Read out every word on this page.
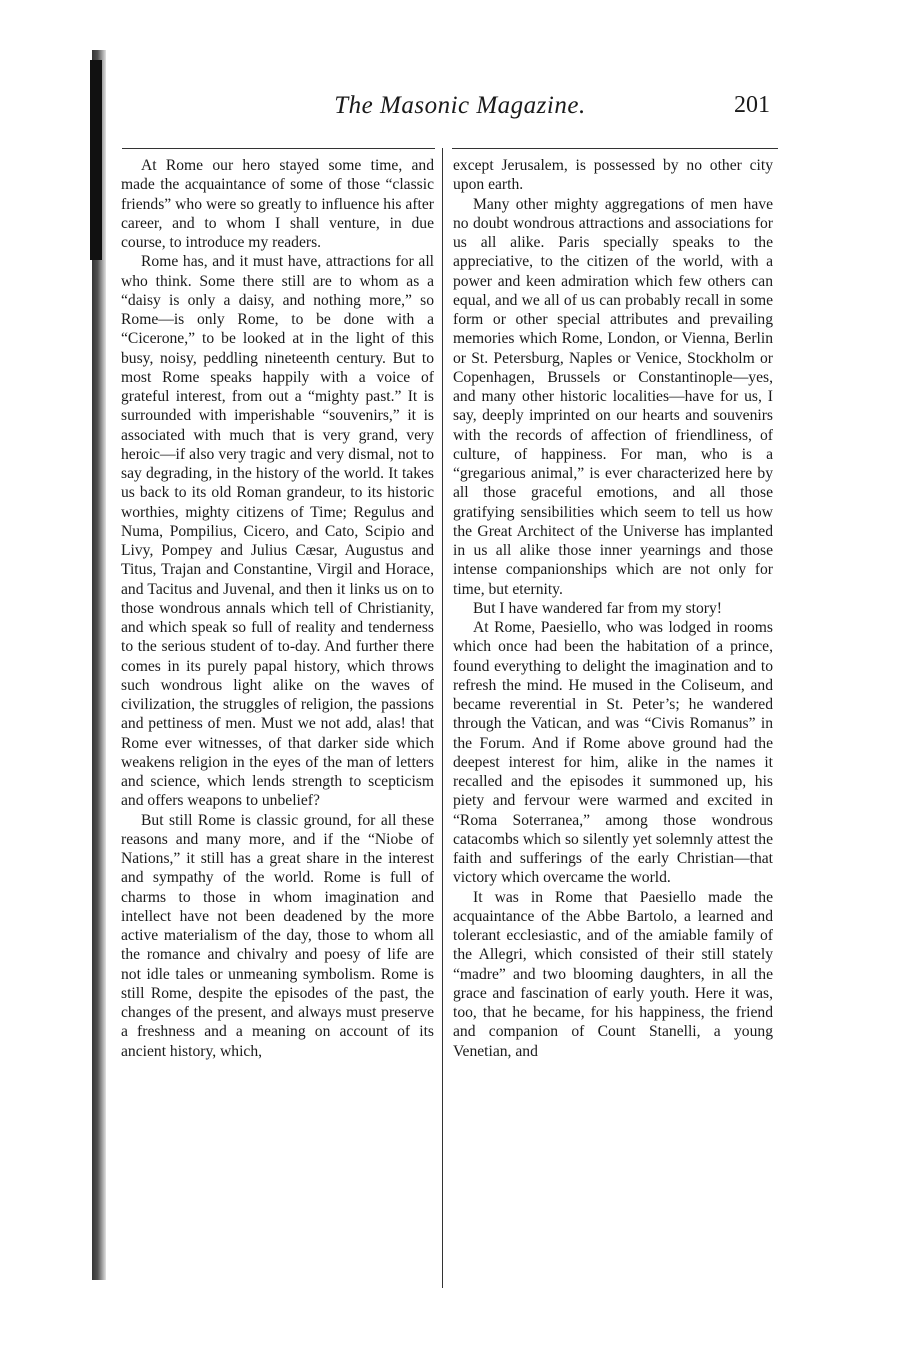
The Masonic Magazine.	201

At Rome our hero stayed some time, and made the acquaintance of some of those “classic friends” who were so greatly to influence his after career, and to whom I shall venture, in due course, to introduce my readers.

Rome has, and it must have, attractions for all who think. Some there still are to whom as a “daisy is only a daisy, and nothing more,” so Rome—is only Rome, to be done with a “Cicerone,” to be looked at in the light of this busy, noisy, peddling nineteenth century. But to most Rome speaks happily with a voice of grateful interest, from out a “mighty past.” It is surrounded with imperishable “souvenirs,” it is associated with much that is very grand, very heroic—if also very tragic and very dismal, not to say degrading, in the history of the world. It takes us back to its old Roman grandeur, to its historic worthies, mighty citizens of Time; Regulus and Numa, Pompilius, Cicero, and Cato, Scipio and Livy, Pompey and Julius Cæsar, Augustus and Titus, Trajan and Constantine, Virgil and Horace, and Tacitus and Juvenal, and then it links us on to those wondrous annals which tell of Christianity, and which speak so full of reality and tenderness to the serious student of to-day. And further there comes in its purely papal history, which throws such wondrous light alike on the waves of civilization, the struggles of religion, the passions and pettiness of men. Must we not add, alas! that Rome ever witnesses, of that darker side which weakens religion in the eyes of the man of letters and science, which lends strength to scepticism and offers weapons to unbelief?

But still Rome is classic ground, for all these reasons and many more, and if the “Niobe of Nations,” it still has a great share in the interest and sympathy of the world. Rome is full of charms to those in whom imagination and intellect have not been deadened by the more active materialism of the day, those to whom all the romance and chivalry and poesy of life are not idle tales or unmeaning symbolism. Rome is still Rome, despite the episodes of the past, the changes of the present, and always must preserve a freshness and a meaning on account of its ancient history, which,

except Jerusalem, is possessed by no other city upon earth.

Many other mighty aggregations of men have no doubt wondrous attractions and associations for us all alike. Paris specially speaks to the appreciative, to the citizen of the world, with a power and keen admiration which few others can equal, and we all of us can probably recall in some form or other special attributes and prevailing memories which Rome, London, or Vienna, Berlin or St. Petersburg, Naples or Venice, Stockholm or Copenhagen, Brussels or Constantinople—yes, and many other historic localities—have for us, I say, deeply imprinted on our hearts and souvenirs with the records of affection of friendliness, of culture, of happiness. For man, who is a “gregarious animal,” is ever characterized here by all those graceful emotions, and all those gratifying sensibilities which seem to tell us how the Great Architect of the Universe has implanted in us all alike those inner yearnings and those intense companionships which are not only for time, but eternity.

But I have wandered far from my story!

At Rome, Paesiello, who was lodged in rooms which once had been the habitation of a prince, found everything to delight the imagination and to refresh the mind. He mused in the Coliseum, and became reverential in St. Peter’s; he wandered through the Vatican, and was “Civis Romanus” in the Forum. And if Rome above ground had the deepest interest for him, alike in the names it recalled and the episodes it summoned up, his piety and fervour were warmed and excited in “Roma Soterranea,” among those wondrous catacombs which so silently yet solemnly attest the faith and sufferings of the early Christian—that victory which overcame the world.

It was in Rome that Paesiello made the acquaintance of the Abbe Bartolo, a learned and tolerant ecclesiastic, and of the amiable family of the Allegri, which consisted of their still stately “madre” and two blooming daughters, in all the grace and fascination of early youth. Here it was, too, that he became, for his happiness, the friend and companion of Count Stanelli, a young Venetian, and
